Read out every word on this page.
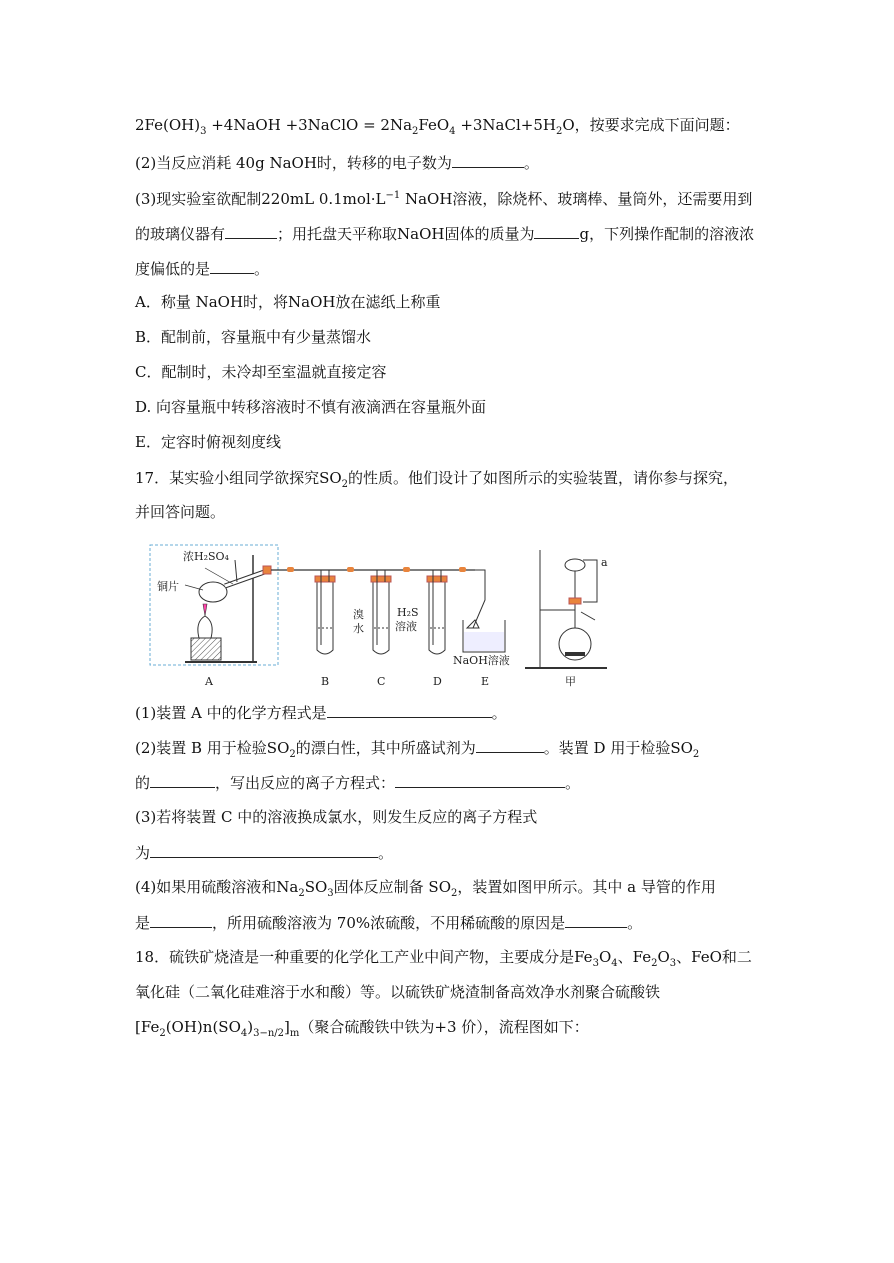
$2Fe(OH)_3$ +4NaOH +3NaClO = $2Na_2FeO_4$ $+3NaCl+5H_2O$，按要求完成下面问题：
(2)当反应消耗 40g NaOH时，转移的电子数为	。
(3)现实验室欲配制220mL $0.1mol\cdot L^{-1}$ NaOH溶液，除烧杯、玻璃棒、量筒外，还需要用到
的玻璃仪器有	；用托盘天平称取NaOH固体的质量为	g，下列操作配制的溶液浓
度偏低的是	。
A．称量 NaOH时，将NaOH放在滤纸上称重
B．配制前，容量瓶中有少量蒸馏水
C．配制时，未冷却至室温就直接定容
D. 向容量瓶中转移溶液时不慎有液滴洒在容量瓶外面
E．定容时俯视刻度线
17．某实验小组同学欲探究$SO_2$的性质。他们设计了如图所示的实验装置，请你参与探究，
并回答问题。
浓H₂SO₄
铜片
溴
水
H₂S
溶液
NaOH溶液
A	B	C	D	E
a
甲
(1)装置 A 中的化学方程式是	。
(2)装置 B 用于检验$SO_2$的漂白性，其中所盛试剂为	。装置 D 用于检验$SO_2$
的	，写出反应的离子方程式：	。
(3)若将装置 C 中的溶液换成氯水，则发生反应的离子方程式
为	。
(4)如果用硫酸溶液和$Na_2SO_3$固体反应制备 $SO_2$，装置如图甲所示。其中 a 导管的作用
是	，所用硫酸溶液为 70%浓硫酸，不用稀硫酸的原因是	。
18．硫铁矿烧渣是一种重要的化学化工产业中间产物，主要成分是$Fe_3O_4$、$Fe_2O_3$、FeO和二
氧化硅（二氧化硅难溶于水和酸）等。以硫铁矿烧渣制备高效净水剂聚合硫酸铁
$[Fe_2(OH)n(SO_4)_{3-n/2}]_m$（聚合硫酸铁中铁为+3 价），流程图如下：
